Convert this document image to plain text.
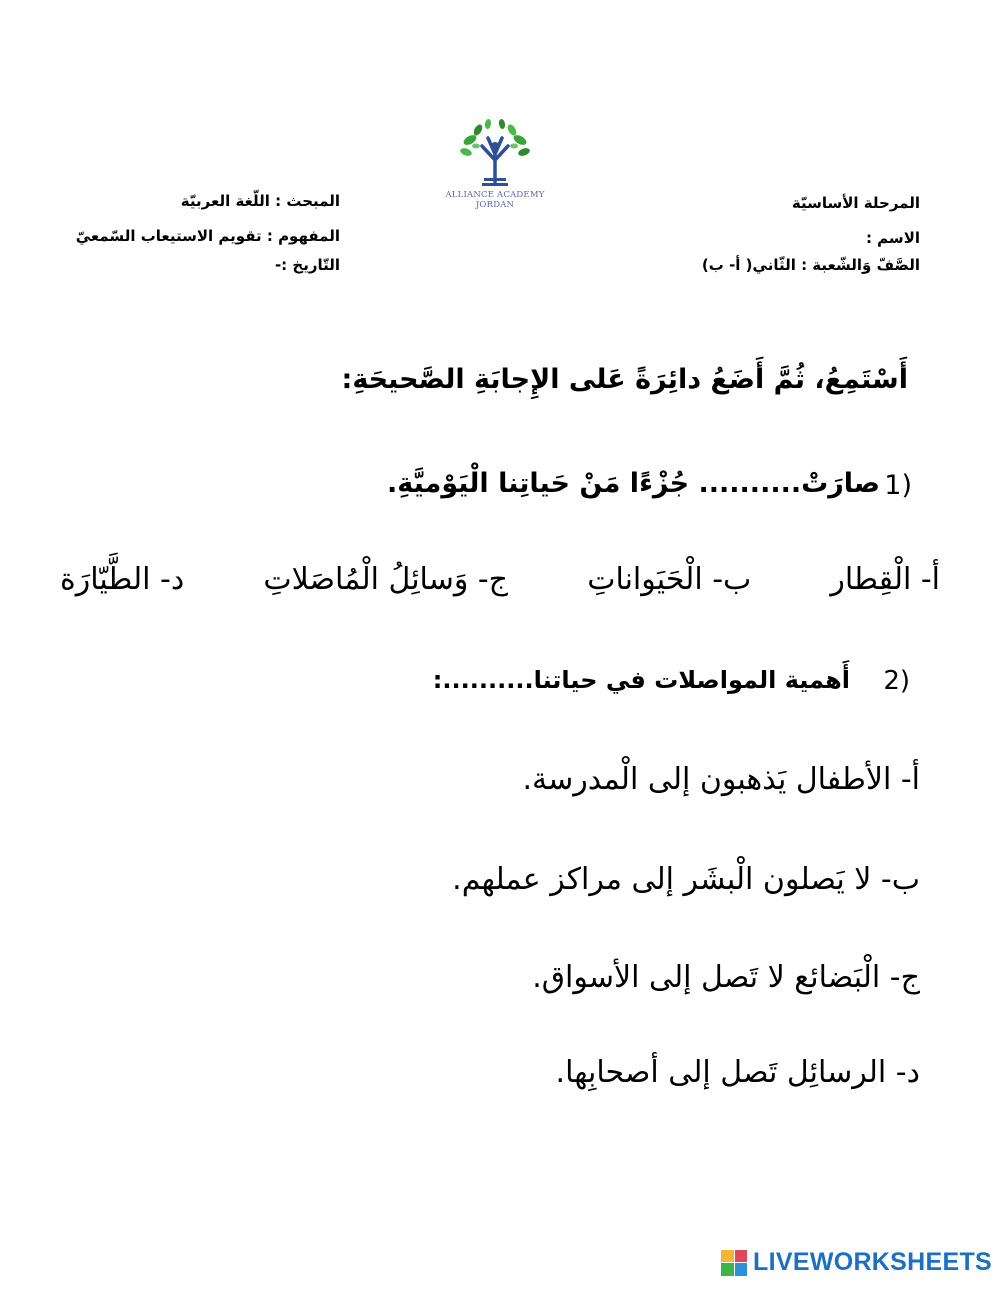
المرحلة الأساسيّة
الاسم :
الصَّفّ وَالشّعبة : الثّاني( أ- ب)
المبحث : اللّغة العربيّة
المفهوم : تقويم الاستيعاب السّمعيّ
التّاريخ :-
ALLIANCE ACADEMY
JORDAN
أَسْتَمِعُ، ثُمَّ أَضَعُ دائِرَةً عَلى الإِجابَةِ الصَّحيحَةِ:
صارَتْ.......... جُزْءًا مَنْ حَياتِنا الْيَوْميَّةِ. 1)
أ- الْقِطار
ب- الْحَيَواناتِ
ج- وَسائِلُ الْمُاصَلاتِ
د- الطَّيّارَة
أَهمية المواصلات في حياتنا..........: 2)
أ- الأطفال يَذهبون إلى الْمدرسة.
ب- لا يَصلون الْبشَر إلى مراكز عملهم.
ج- الْبَضائع لا تَصل إلى الأسواق.
د- الرسائِل تَصل إلى أصحابِها.
LIVEWORKSHEETS
